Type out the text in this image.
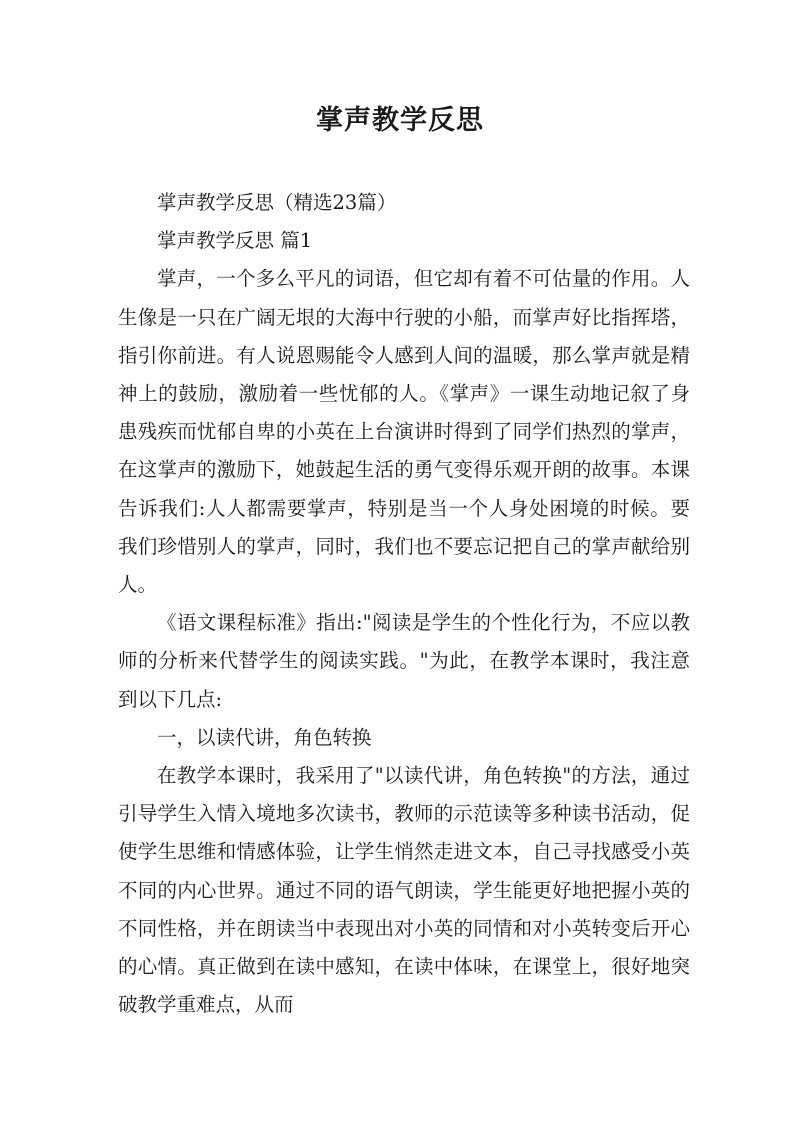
掌声教学反思

掌声教学反思（精选23篇）

掌声教学反思 篇1

掌声，一个多么平凡的词语，但它却有着不可估量的作用。人生像是一只在广阔无垠的大海中行驶的小船，而掌声好比指挥塔，指引你前进。有人说恩赐能令人感到人间的温暖，那么掌声就是精神上的鼓励，激励着一些忧郁的人。《掌声》一课生动地记叙了身患残疾而忧郁自卑的小英在上台演讲时得到了同学们热烈的掌声，在这掌声的激励下，她鼓起生活的勇气变得乐观开朗的故事。本课告诉我们:人人都需要掌声，特别是当一个人身处困境的时候。要我们珍惜别人的掌声，同时，我们也不要忘记把自己的掌声献给别人。

《语文课程标准》指出:"阅读是学生的个性化行为，不应以教师的分析来代替学生的阅读实践。"为此，在教学本课时，我注意到以下几点:

一，以读代讲，角色转换

在教学本课时，我采用了"以读代讲，角色转换"的方法，通过引导学生入情入境地多次读书，教师的示范读等多种读书活动，促使学生思维和情感体验，让学生悄然走进文本，自己寻找感受小英不同的内心世界。通过不同的语气朗读，学生能更好地把握小英的不同性格，并在朗读当中表现出对小英的同情和对小英转变后开心的心情。真正做到在读中感知，在读中体味，在课堂上，很好地突破教学重难点，从而
